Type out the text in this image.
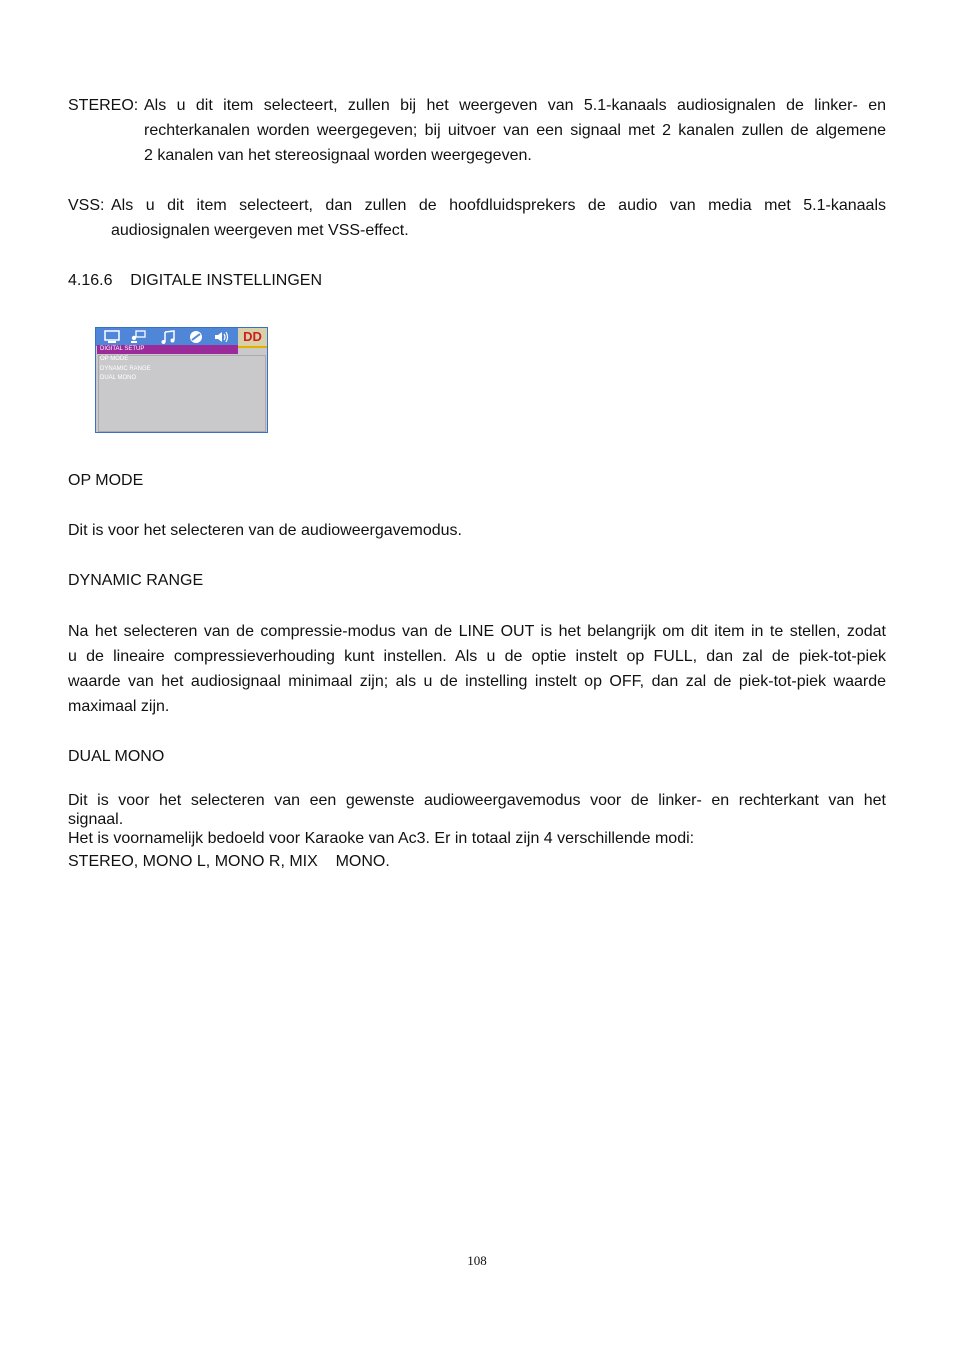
STEREO: Als u dit item selecteert, zullen bij het weergeven van 5.1-kanaals audiosignalen de linker- en
rechterkanalen worden weergegeven; bij uitvoer van een signaal met 2 kanalen zullen de algemene
2 kanalen van het stereosignaal worden weergegeven.
VSS: Als u dit item selecteert, dan zullen de hoofdluidsprekers de audio van media met 5.1-kanaals
audiosignalen weergeven met VSS-effect.
4.16.6    DIGITALE INSTELLINGEN
DD
DIGITAL SETUP
OP MODE
DYNAMIC RANGE
DUAL MONO
OP MODE
Dit is voor het selecteren van de audioweergavemodus.
DYNAMIC RANGE
Na het selecteren van de compressie-modus van de LINE OUT is het belangrijk om dit item in te stellen, zodat
u de lineaire compressieverhouding kunt instellen. Als u de optie instelt op FULL, dan zal de piek-tot-piek
waarde van het audiosignaal minimaal zijn; als u de instelling instelt op OFF, dan zal de piek-tot-piek waarde
maximaal zijn.
DUAL MONO
Dit is voor het selecteren van een gewenste audioweergavemodus voor de linker- en rechterkant van het
signaal.
Het is voornamelijk bedoeld voor Karaoke van Ac3. Er in totaal zijn 4 verschillende modi:
STEREO, MONO L, MONO R, MIX    MONO.
108
